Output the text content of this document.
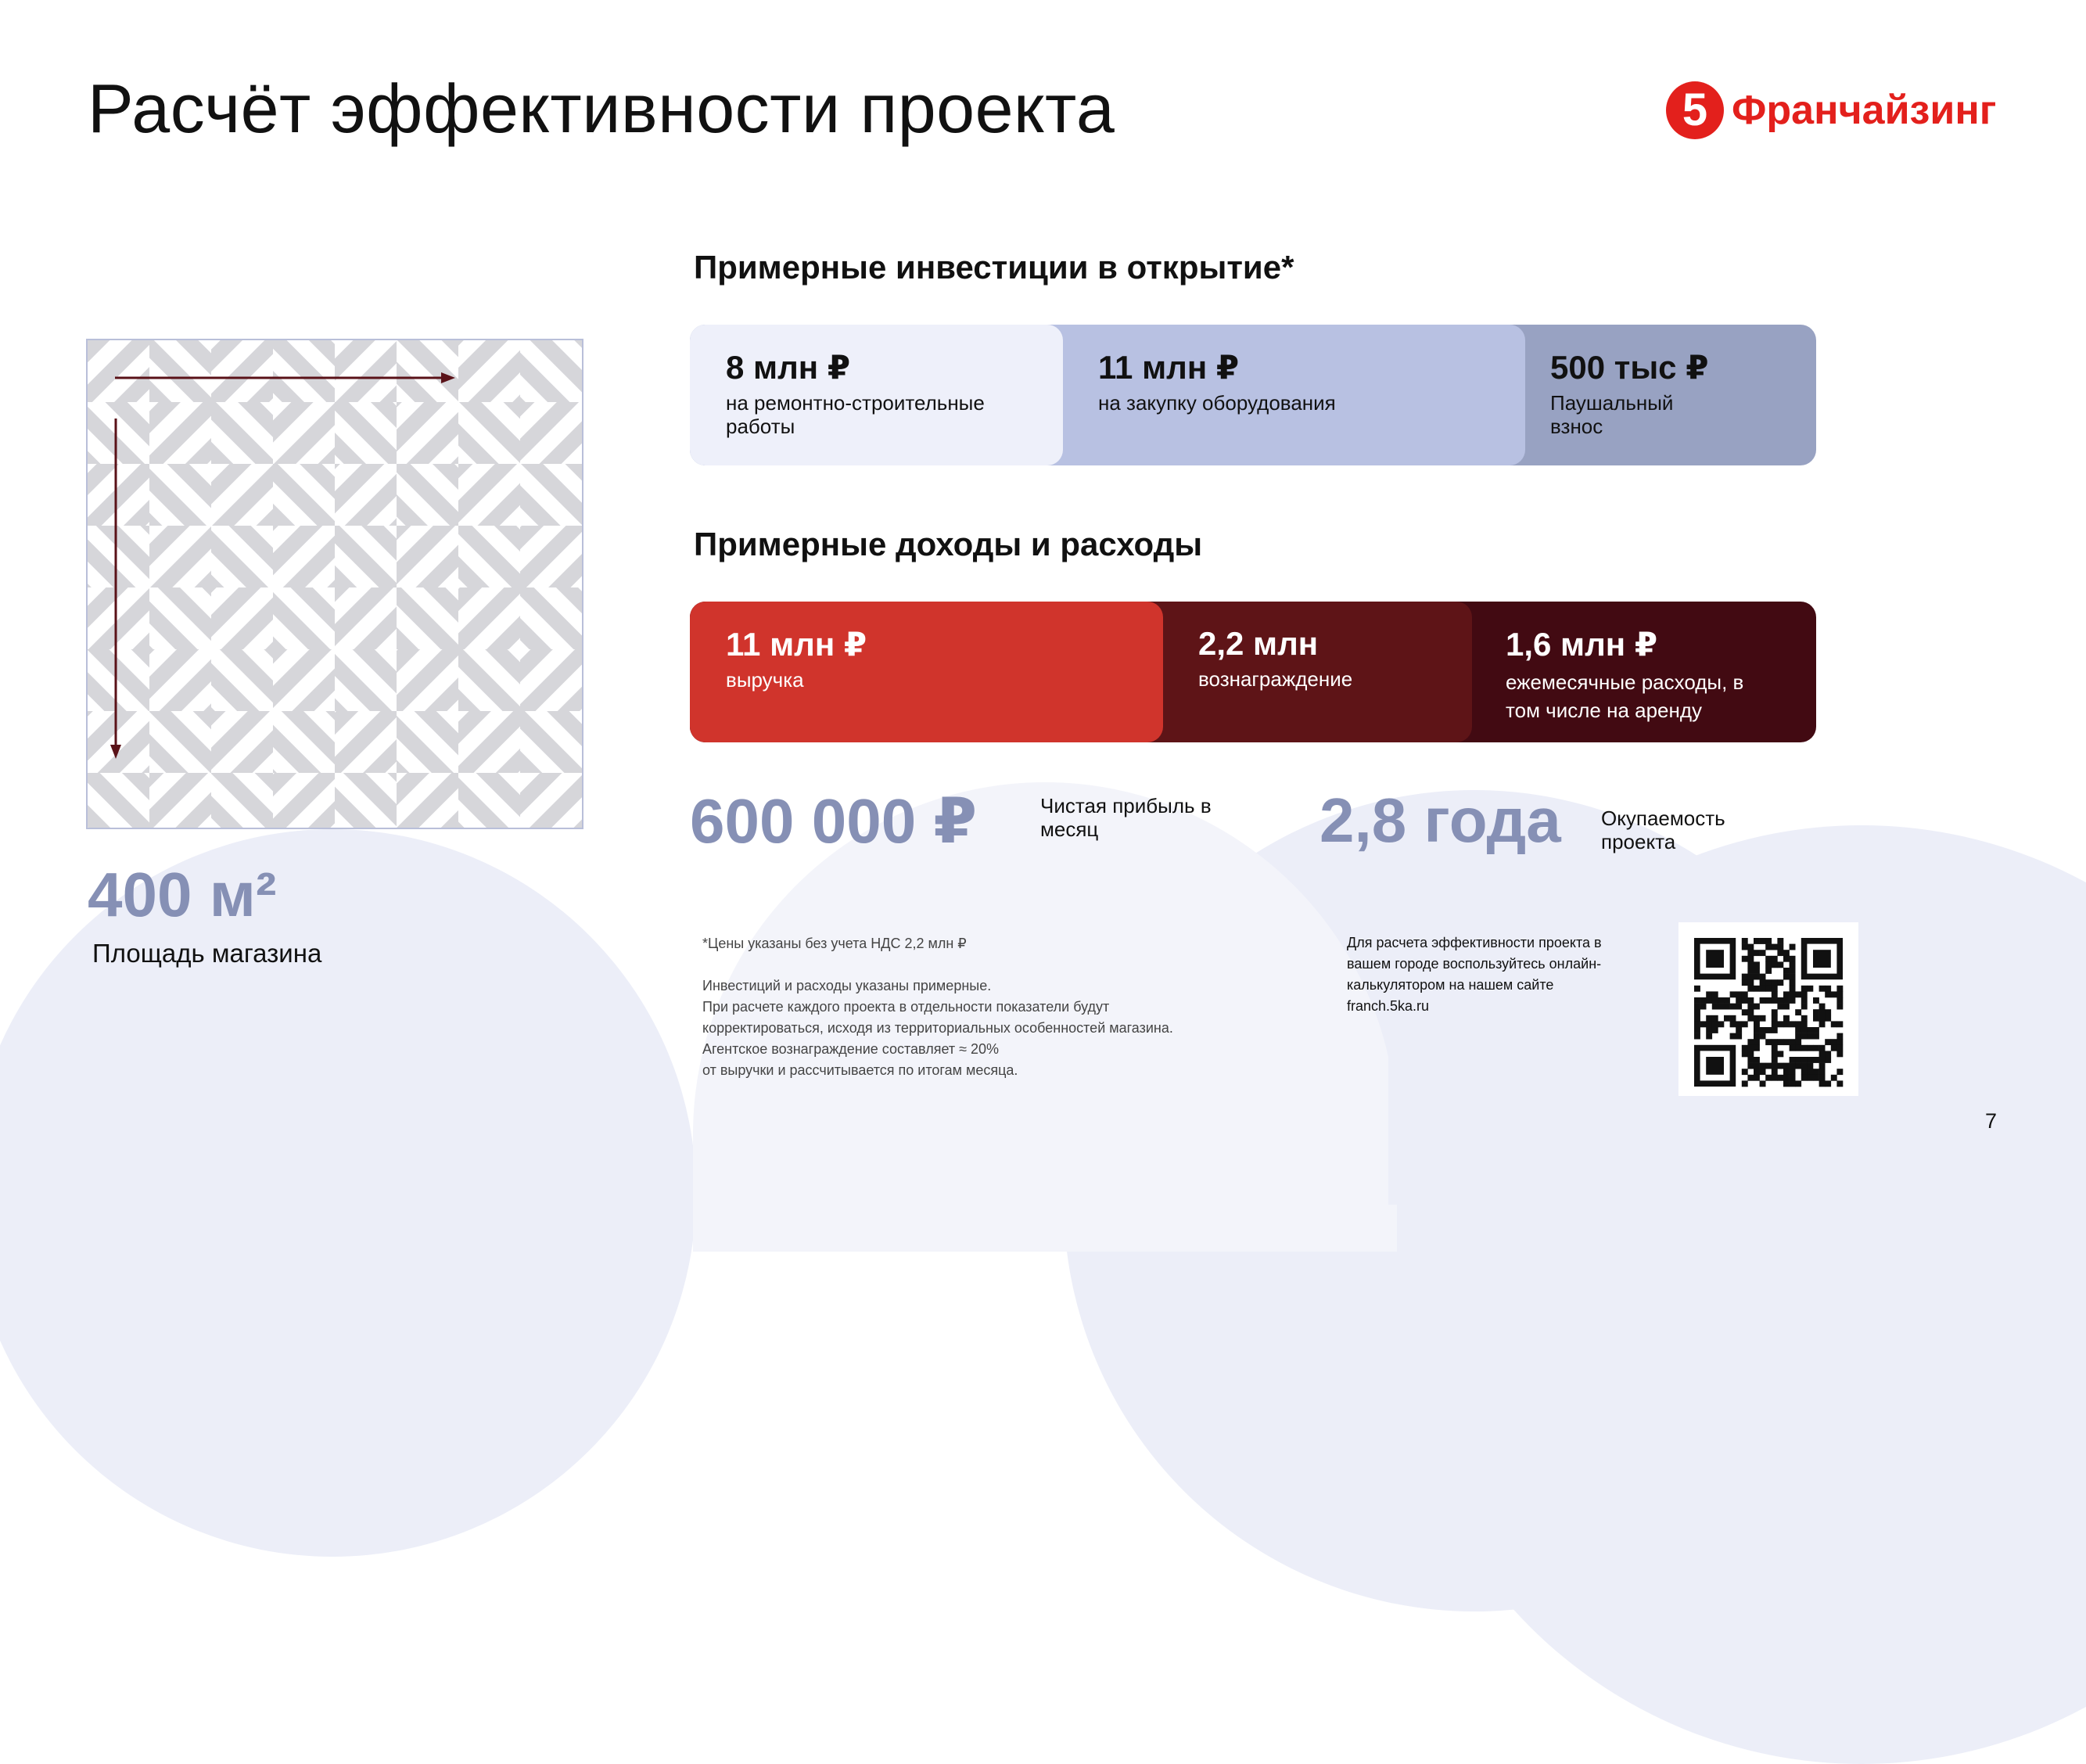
Расчёт эффективности проекта	5 Франчайзинг
400 м²
Площадь магазина
Примерные инвестиции в открытие*
8 млн ₽
на ремонтно-строительные работы
11 млн ₽
на закупку оборудования
500 тыс ₽
Паушальный взнос
Примерные доходы и расходы
11 млн ₽
выручка
2,2 млн
вознаграждение
1,6 млн ₽
ежемесячные расходы, в том числе на аренду
600 000 ₽	Чистая прибыль в месяц	2,8 года Окупаемость проекта
*Цены указаны без учета НДС 2,2 млн ₽
Инвестиций и расходы указаны примерные.
При расчете каждого проекта в отдельности показатели будут
корректироваться, исходя из территориальных особенностей магазина.
Агентское вознаграждение составляет ≈ 20%
от выручки и рассчитывается по итогам месяца.
Для расчета эффективности проекта в
вашем городе воспользуйтесь онлайн-
калькулятором на нашем сайте
franch.5ka.ru
7
